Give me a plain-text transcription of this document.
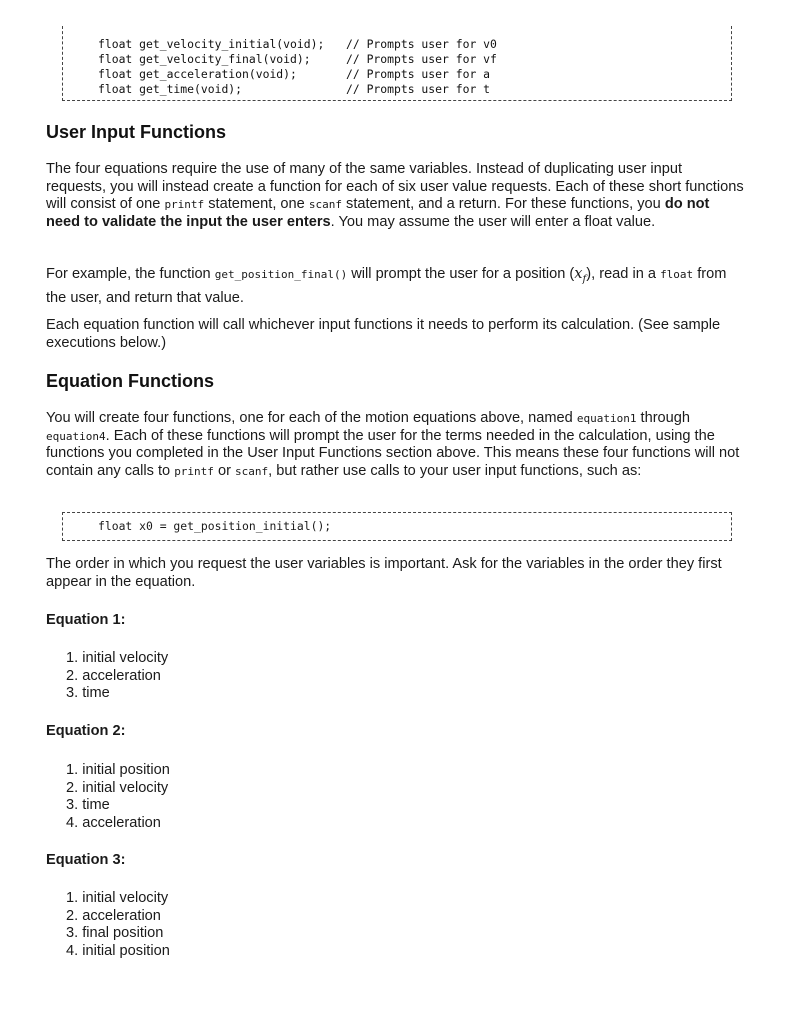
float get_velocity_initial(void); // Prompts user for v0
float get_velocity_final(void);	// Prompts user for vf
float get_acceleration(void);	// Prompts user for a
float get_time(void);	// Prompts user for t
User Input Functions

The four equations require the use of many of the same variables. Instead of duplicating user input requests, you will instead create a function for each of six user value requests. Each of these short functions will consist of one printf statement, one scanf statement, and a return. For these functions, you do not need to validate the input the user enters. You may assume the user will enter a float value.

For example, the function get_position_final() will prompt the user for a position $(x_f)$, read in a float from the user, and return that value.

Each equation function will call whichever input functions it needs to perform its calculation. (See sample executions below.)

Equation Functions

You will create four functions, one for each of the motion equations above, named equation1 through equation4. Each of these functions will prompt the user for the terms needed in the calculation, using the functions you completed in the User Input Functions section above. This means these four functions will not contain any calls to printf or scanf, but rather use calls to your user input functions, such as:

float x0 = get_position_initial();

The order in which you request the user variables is important. Ask for the variables in the order they first appear in the equation.

Equation 1:
1. initial velocity
2. acceleration
3. time
Equation 2:
1. initial position
2. initial velocity
3. time
4. acceleration
Equation 3:
1. initial velocity
2. acceleration
3. final position
4. initial position
